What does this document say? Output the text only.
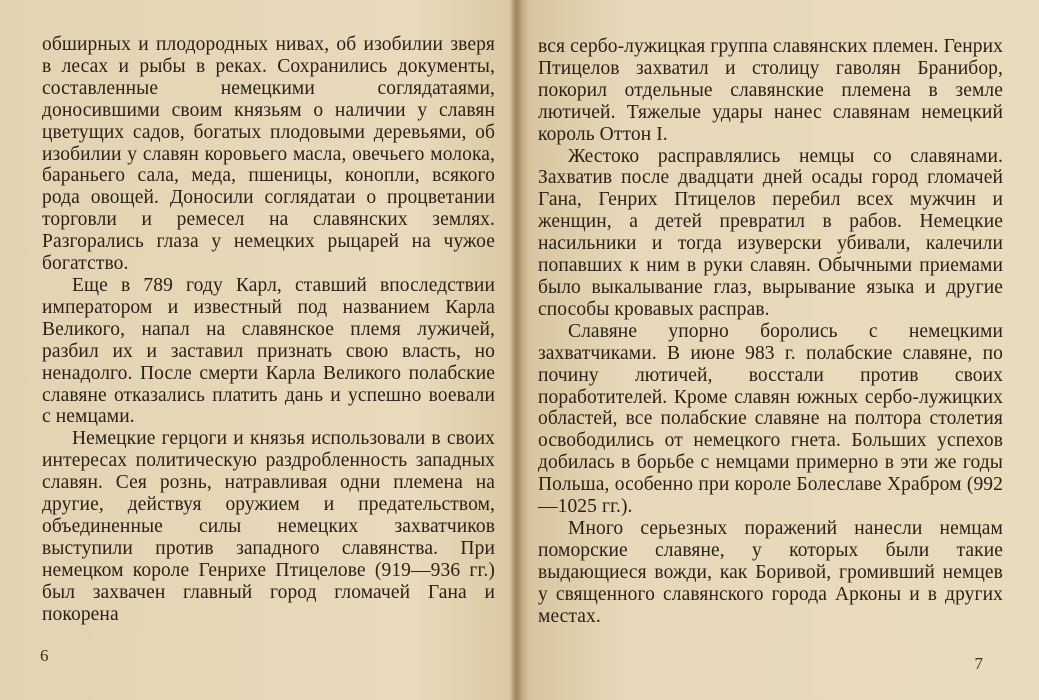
обширных и плодородных нивах, об изобилии зверя в лесах и рыбы в реках. Сохранились документы, составленные немецкими соглядатаями, доносившими своим князьям о наличии у славян цветущих садов, богатых плодовыми деревьями, об изобилии у славян коровьего масла, овечьего молока, бараньего сала, меда, пшеницы, конопли, всякого рода овощей. Доносили соглядатаи о процветании торговли и ремесел на славянских землях. Разгорались глаза у немецких рыцарей на чужое богатство.

Еще в 789 году Карл, ставший впоследствии императором и известный под названием Карла Великого, напал на славянское племя лужичей, разбил их и заставил признать свою власть, но ненадолго. После смерти Карла Великого полабские славяне отказались платить дань и успешно воевали с немцами.

Немецкие герцоги и князья использовали в своих интересах политическую раздробленность западных славян. Сея рознь, натравливая одни племена на другие, действуя оружием и предательством, объединенные силы немецких захватчиков выступили против западного славянства. При немецком короле Генрихе Птицелове (919—936 гг.) был захвачен главный город гломачей Гана и покорена

6

вся сербо-лужицкая группа славянских племен. Генрих Птицелов захватил и столицу гаволян Бранибор, покорил отдельные славянские племена в земле лютичей. Тяжелые удары нанес славянам немецкий король Оттон I.

Жестоко расправлялись немцы со славянами. Захватив после двадцати дней осады город гломачей Гана, Генрих Птицелов перебил всех мужчин и женщин, а детей превратил в рабов. Немецкие насильники и тогда изуверски убивали, калечили попавших к ним в руки славян. Обычными приемами было выкалывание глаз, вырывание языка и другие способы кровавых расправ.

Славяне упорно боролись с немецкими захватчиками. В июне 983 г. полабские славяне, по почину лютичей, восстали против своих поработителей. Кроме славян южных сербо-лужицких областей, все полабские славяне на полтора столетия освободились от немецкого гнета. Больших успехов добилась в борьбе с немцами примерно в эти же годы Польша, особенно при короле Болеславе Храбром (992—1025 гг.).

Много серьезных поражений нанесли немцам поморские славяне, у которых были такие выдающиеся вожди, как Боривой, громивший немцев у священного славянского города Арконы и в других местах.

7
